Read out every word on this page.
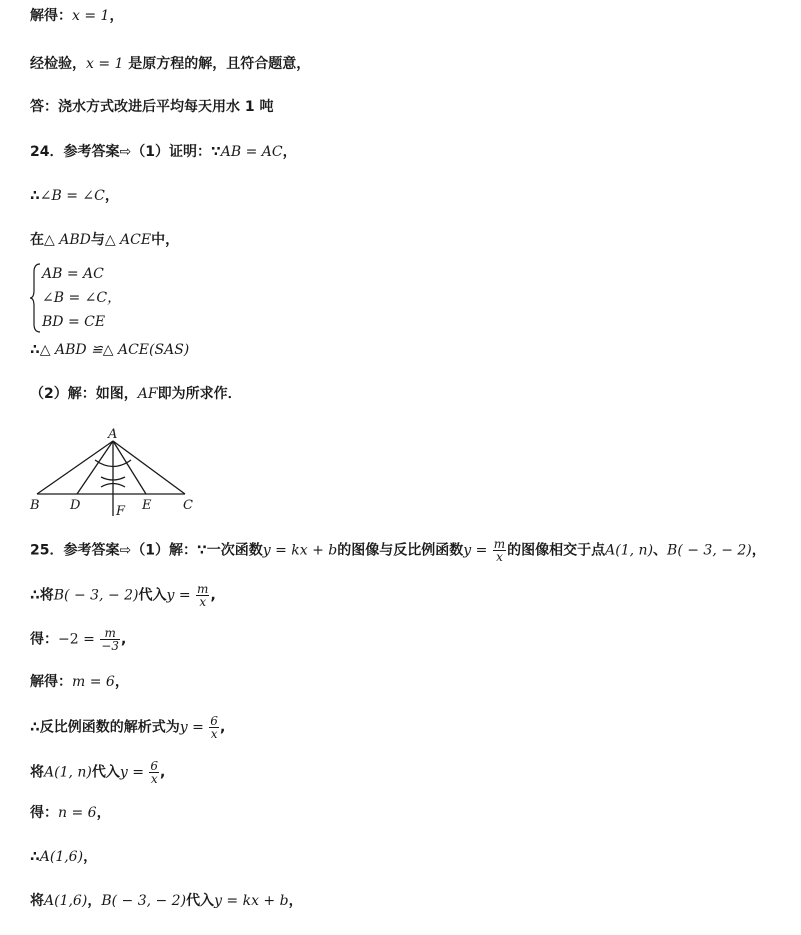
解得：x = 1，
经检验，x = 1 是原方程的解，且符合题意，
答：浇水方式改进后平均每天用水 1 吨
24．参考答案⇨（1）证明：∵AB = AC，
∴∠B = ∠C，
在△ ABD与△ ACE中，
AB = AC
∠B = ∠C，
BD = CE
∴△ ABD ≌△ ACE(SAS)
（2）解：如图，AF即为所求作．
A
B D	E C
F
25．参考答案⇨（1）解：∵一次函数y = kx + b的图像与反比例函数$y = \frac{m}{x}$ 的图像相交于点A(1, n)、B( − 3, − 2)，
∴将B( − 3, − 2)代入$y = \frac{m}{x}$ ,
得：$-2 = \frac{m}{-3}$ ,
解得：m = 6，
∴反比例函数的解析式为$y = \frac{6}{x}$ ,
将A(1, n)代入$y = \frac{6}{x}$ ,
得：n = 6，
∴A(1,6)，
将A(1,6)，B( − 3, − 2)代入y = kx + b，
